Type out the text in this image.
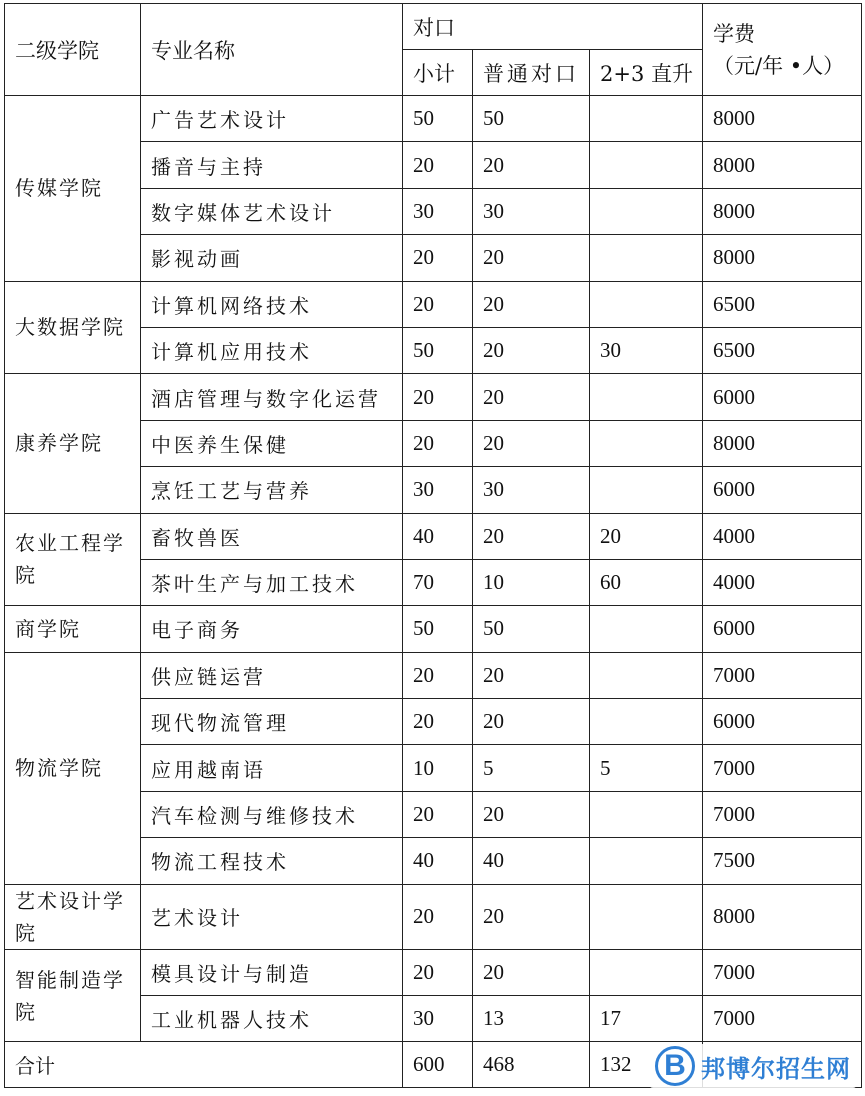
二级学院	专业名称	对口			学费
（元/年 •人）

		小计	普通对口	2+3 直升	
传媒学院	广告艺术设计	50	50		8000
	播音与主持	20	20		8000
	数字媒体艺术设计	30	30		8000
	影视动画	20	20		8000
大数据学院	计算机网络技术	20	20		6500
	计算机应用技术	50	20	30	6500
康养学院	酒店管理与数字化运营	20	20		6000
	中医养生保健	20	20		8000
	烹饪工艺与营养	30	30		6000
农业工程学院	畜牧兽医	40	20	20	4000
	茶叶生产与加工技术	70	10	60	4000
商学院	电子商务	50	50		6000
物流学院	供应链运营	20	20		7000
	现代物流管理	20	20		6000
	应用越南语	10	5	5	7000
	汽车检测与维修技术	20	20		7000
	物流工程技术	40	40		7500
艺术设计学院	艺术设计	20	20		8000
智能制造学院	模具设计与制造	20	20		7000
	工业机器人技术	30	13	17	7000
合计		600	468	132		B 邦博尔招生网
